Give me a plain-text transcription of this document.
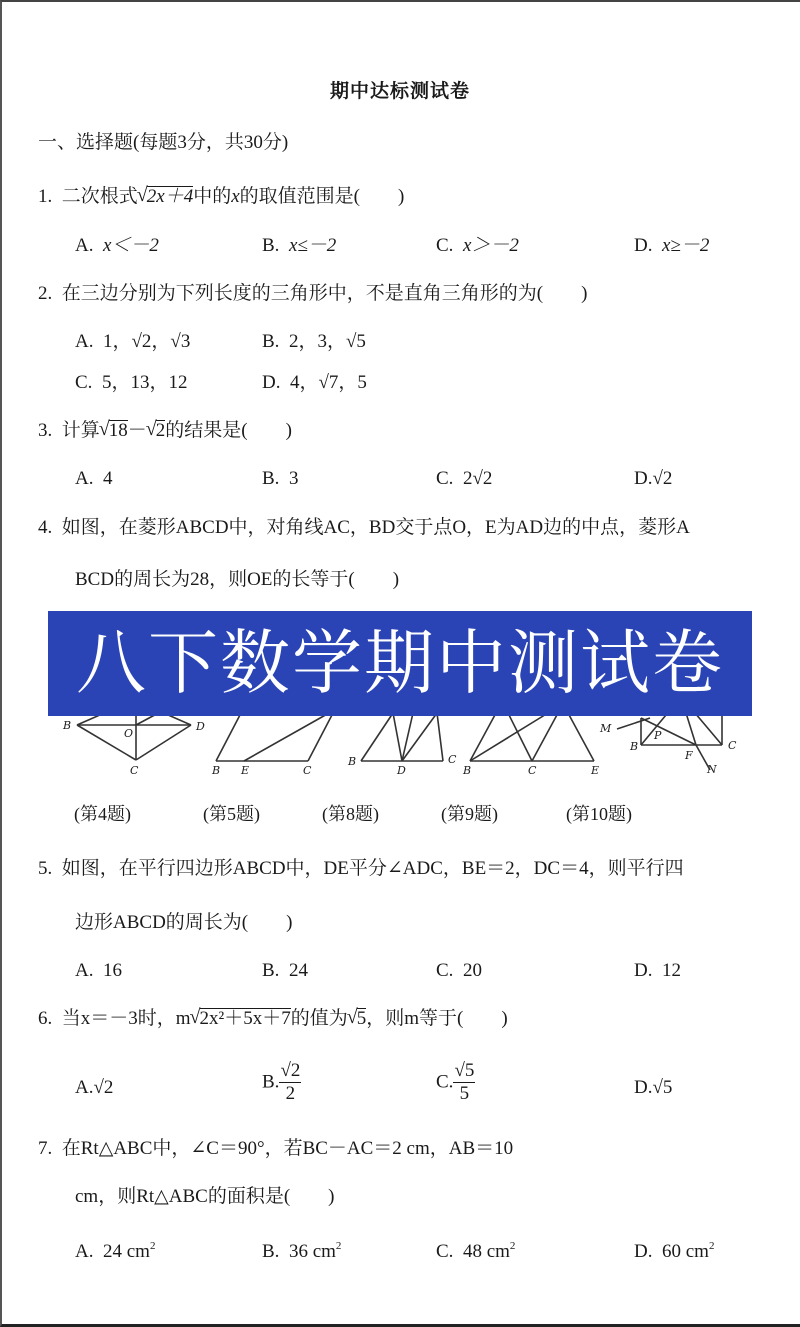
期中达标测试卷
一、选择题(每题3分，共30分)
1. 二次根式 √ 2x＋4中的x的取值范围是(　　)
A. x＜－2	B. x≤－2	C. x＞－2	D. x≥－2
2. 在三边分别为下列长度的三角形中，不是直角三角形的为(　　)
A. 1，√2，√3	B. 2，3，√5
C. 5，13，12	D. 4，√7，5
3. 计算 √ 18－ √ 2的结果是(　　)
A. 4	B. 3	C. 2√2	D.√2
4. 如图，在菱形ABCD中，对角线AC，BD交于点O，E为AD边的中点，菱形A
BCD的周长为28，则OE的长等于(　　)
B
O
D
C	B E	C
B
D
C
B	C	E
M
P
B
F
C
N
八下数学期中测试卷
(第4题)	(第5题)	(第8题)	(第9题)	(第10题)
5. 如图，在平行四边形ABCD中，DE平分∠ADC，BE＝2，DC＝4，则平行四
边形ABCD的周长为(　　)
A. 16	B. 24	C. 20	D. 12
6. 当x＝－3时，m √ 2x²＋5x＋7的值为 √ 5，则m等于(　　)
A.√2	B. $\frac{√2}{2}$	C. $\frac{√5}{5}$	D.√5
7. 在Rt△ABC中，∠C＝90°，若BC－AC＝2 cm，AB＝10
cm，则Rt△ABC的面积是(　　)
A. 24 $cm^2$	B. 36 $cm^2$	C. 48 $cm^2$	D. 60 $cm^2$
